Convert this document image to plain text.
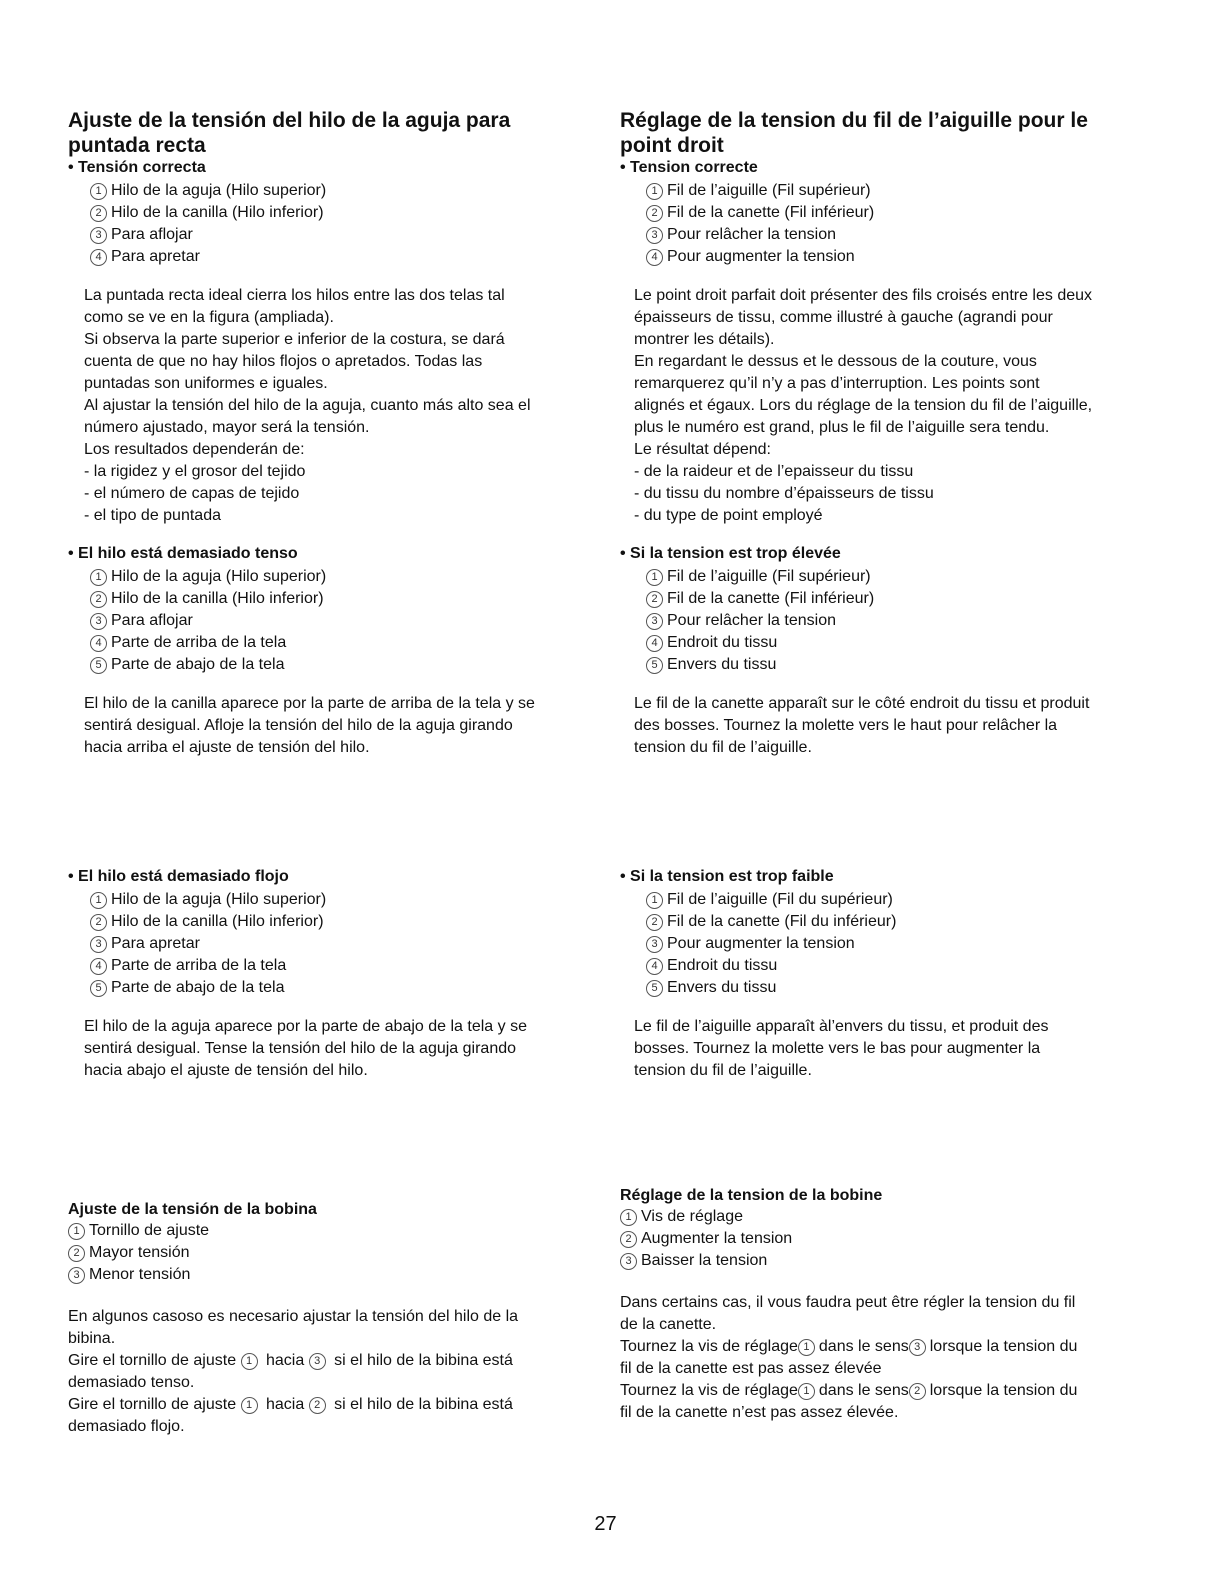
Ajuste de la tensión del hilo de la aguja para puntada recta

• Tensión correcta

1 Hilo de la aguja (Hilo superior)
2 Hilo de la canilla (Hilo inferior)
3 Para aflojar
4 Para apretar

La puntada recta ideal cierra los hilos entre las dos telas tal
como se ve en la figura (ampliada).
Si observa la parte superior e inferior de la costura, se dará
cuenta de que no hay hilos flojos o apretados. Todas las
puntadas son uniformes e iguales.
Al ajustar la tensión del hilo de la aguja, cuanto más alto sea el
número ajustado, mayor será la tensión.
Los resultados dependerán de:
- la rigidez y el grosor del tejido
- el número de capas de tejido
- el tipo de puntada

• El hilo está demasiado tenso

1 Hilo de la aguja (Hilo superior)
2 Hilo de la canilla (Hilo inferior)
3 Para aflojar
4 Parte de arriba de la tela
5 Parte de abajo de la tela

El hilo de la canilla aparece por la parte de arriba de la tela y se
sentirá desigual. Afloje la tensión del hilo de la aguja girando
hacia arriba el ajuste de tensión del hilo.

• El hilo está demasiado flojo

1 Hilo de la aguja (Hilo superior)
2 Hilo de la canilla (Hilo inferior)
3 Para apretar
4 Parte de arriba de la tela
5 Parte de abajo de la tela

El hilo de la aguja aparece por la parte de abajo de la tela y se
sentirá desigual. Tense la tensión del hilo de la aguja girando
hacia abajo el ajuste de tensión del hilo.

Ajuste de la tensión de la bobina

1 Tornillo de ajuste
2 Mayor tensión
3 Menor tensión

En algunos casoso es necesario ajustar la tensión del hilo de la
bibina.

Gire el tornillo de ajuste 1 hacia 3 si el hilo de la bibina está
demasiado tenso.

Gire el tornillo de ajuste 1 hacia 2 si el hilo de la bibina está
demasiado flojo.

Réglage de la tension du fil de l’aiguille pour le point droit

• Tension correcte

1 Fil de l’aiguille (Fil supérieur)
2 Fil de la canette (Fil inférieur)
3 Pour relâcher la tension
4 Pour augmenter la tension

Le point droit parfait doit présenter des fils croisés entre les deux
épaisseurs de tissu, comme illustré à gauche (agrandi pour
montrer les détails).
En regardant le dessus et le dessous de la couture, vous
remarquerez qu’il n’y a pas d’interruption. Les points sont
alignés et égaux. Lors du réglage de la tension du fil de l’aiguille,
plus le numéro est grand, plus le fil de l’aiguille sera tendu.
Le résultat dépend:
- de la raideur et de l’epaisseur du tissu
- du tissu du nombre d’épaisseurs de tissu
- du type de point employé

• Si la tension est trop élevée

1 Fil de l’aiguille (Fil supérieur)
2 Fil de la canette (Fil inférieur)
3 Pour relâcher la tension
4 Endroit du tissu
5 Envers du tissu

Le fil de la canette apparaît sur le côté endroit du tissu et produit
des bosses. Tournez la molette vers le haut pour relâcher la
tension du fil de l’aiguille.

• Si la tension est trop faible

1 Fil de l’aiguille (Fil du supérieur)
2 Fil de la canette (Fil du inférieur)
3 Pour augmenter la tension
4 Endroit du tissu
5 Envers du tissu

Le fil de l’aiguille apparaît àl’envers du tissu, et produit des
bosses. Tournez la molette vers le bas pour augmenter la
tension du fil de l’aiguille.

Réglage de la tension de la bobine

1 Vis de réglage
2 Augmenter la tension
3 Baisser la tension

Dans certains cas, il vous faudra peut être régler la tension du fil
de la canette.

Tournez la vis de réglage 1 dans le sens 3 lorsque la tension du
fil de la canette est pas assez élevée

Tournez la vis de réglage 1 dans le sens 2 lorsque la tension du
fil de la canette n’est pas assez élevée.

27
